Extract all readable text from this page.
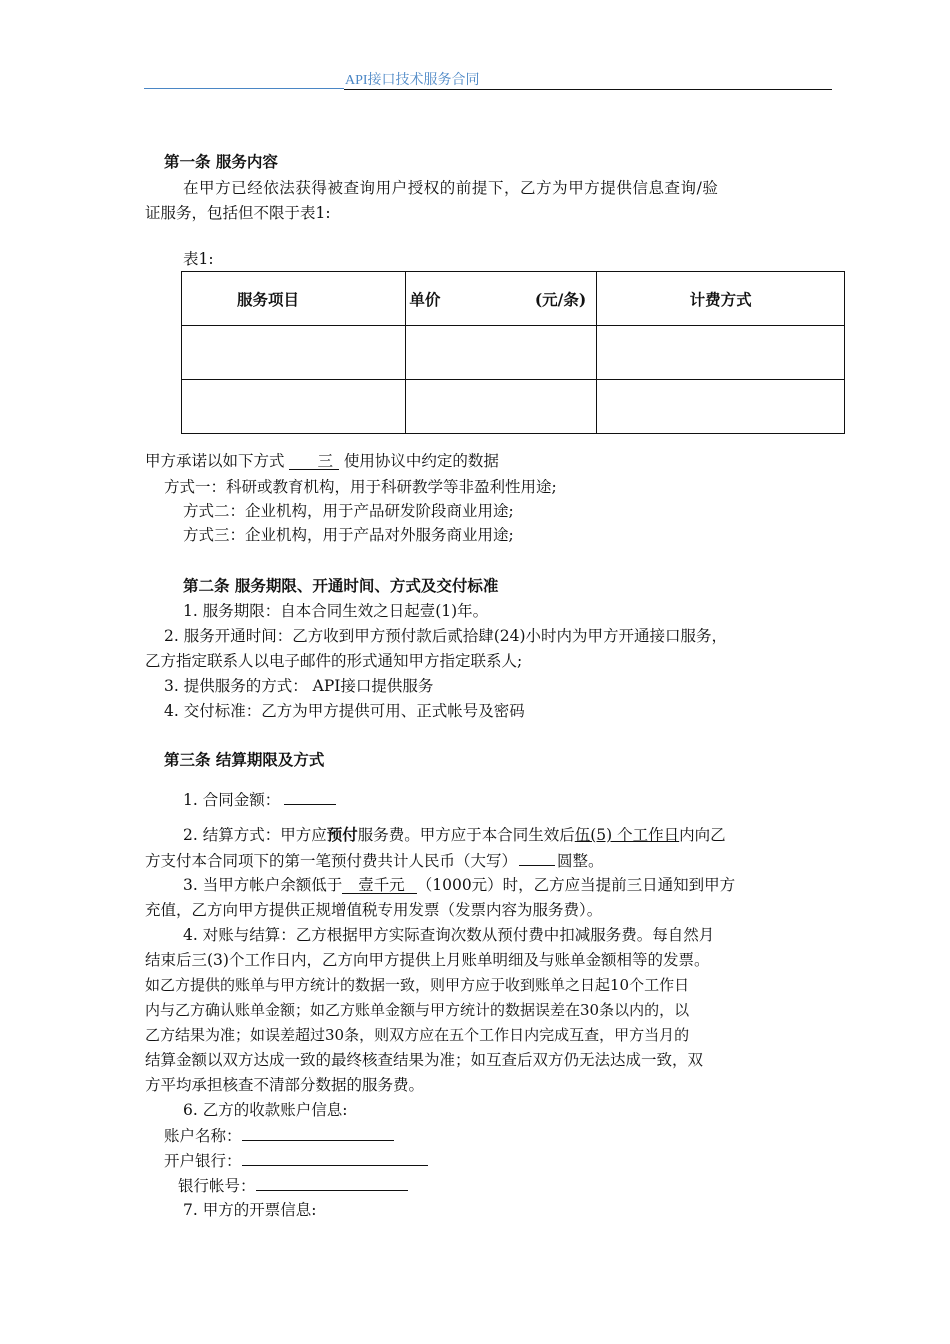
API接口技术服务合同
第一条 服务内容
在甲方已经依法获得被查询用户授权的前提下，乙方为甲方提供信息查询/验
证服务，包括但不限于表1:
表1:
服务项目	单价 (元/条)	计费方式

甲方承诺以如下方式 三 使用协议中约定的数据
方式一：科研或教育机构，用于科研教学等非盈利性用途;
方式二：企业机构，用于产品研发阶段商业用途;
方式三：企业机构，用于产品对外服务商业用途;
第二条 服务期限、开通时间、方式及交付标准
1. 服务期限：自本合同生效之日起壹(1)年。
2. 服务开通时间：乙方收到甲方预付款后贰拾肆(24)小时内为甲方开通接口服务，
乙方指定联系人以电子邮件的形式通知甲方指定联系人;
3. 提供服务的方式： API接口提供服务
4. 交付标准：乙方为甲方提供可用、正式帐号及密码
第三条 结算期限及方式
1. 合同金额：
2. 结算方式：甲方应预付服务费。甲方应于本合同生效后伍(5) 个工作日内向乙
方支付本合同项下的第一笔预付费共计人民币（大写）	圆整。
3. 当甲方帐户余额低于 壹千元 （1000元）时，乙方应当提前三日通知到甲方
充值，乙方向甲方提供正规增值税专用发票（发票内容为服务费）。
4. 对账与结算：乙方根据甲方实际查询次数从预付费中扣减服务费。每自然月
结束后三(3)个工作日内，乙方向甲方提供上月账单明细及与账单金额相等的发票。
如乙方提供的账单与甲方统计的数据一致，则甲方应于收到账单之日起10个工作日
内与乙方确认账单金额；如乙方账单金额与甲方统计的数据误差在30条以内的，以
乙方结果为准；如误差超过30条，则双方应在五个工作日内完成互查，甲方当月的
结算金额以双方达成一致的最终核查结果为准；如互查后双方仍无法达成一致，双
方平均承担核查不清部分数据的服务费。
6. 乙方的收款账户信息:
账户名称：
开户银行：
银行帐号：
7. 甲方的开票信息:
